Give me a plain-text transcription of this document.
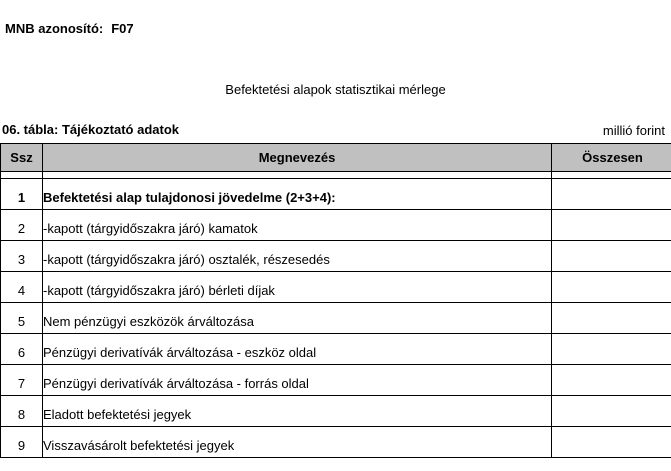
MNB azonosító: F07
Befektetési alapok statisztikai mérlege
06. tábla: Tájékoztató adatok	millió forint
Ssz	Megnevezés	Összesen

1	Befektetési alap tulajdonosi jövedelme (2+3+4):	
2	-kapott (tárgyidőszakra járó) kamatok	
3	-kapott (tárgyidőszakra járó) osztalék, részesedés	
4	-kapott (tárgyidőszakra járó) bérleti díjak	
5	Nem pénzügyi eszközök árváltozása	
6	Pénzügyi derivatívák árváltozása - eszköz oldal	
7	Pénzügyi derivatívák árváltozása - forrás oldal	
8	Eladott befektetési jegyek	
9	Visszavásárolt befektetési jegyek	
